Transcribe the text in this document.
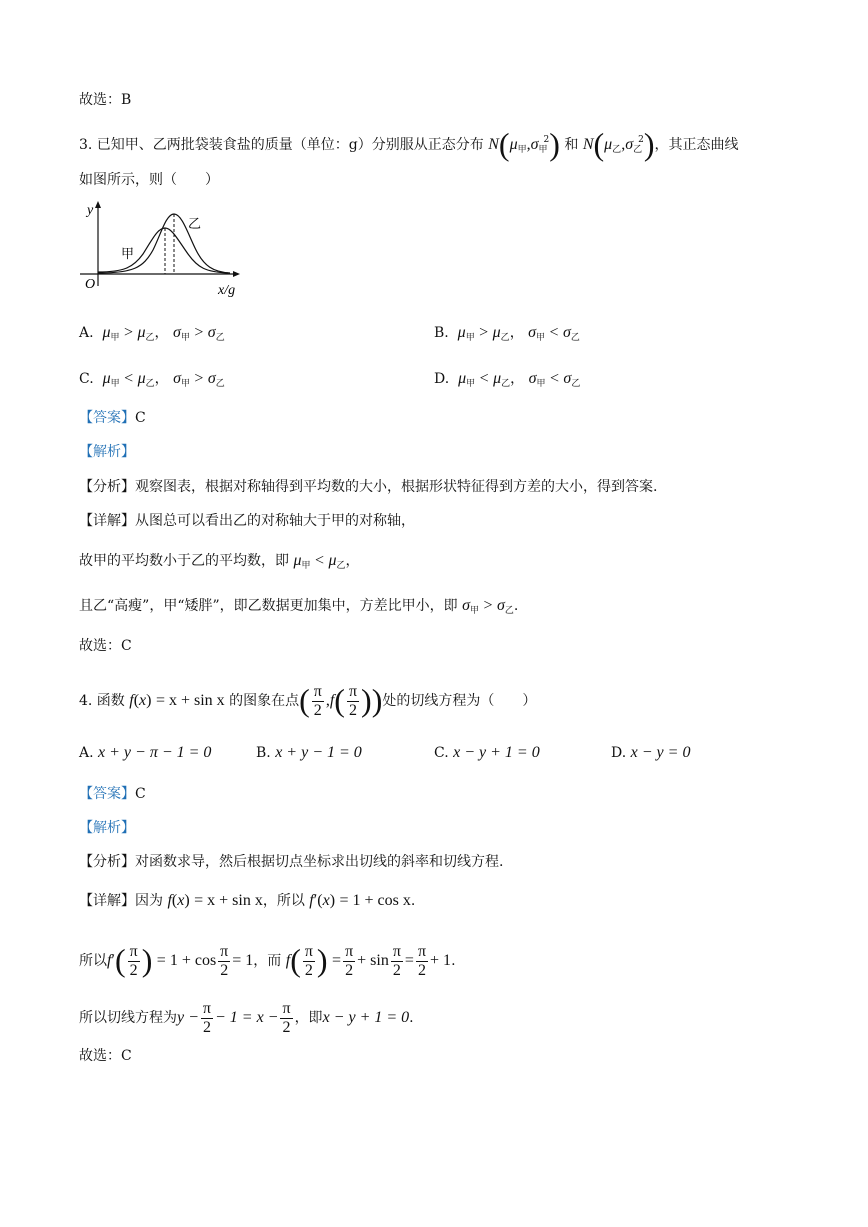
故选：B
3. 已知甲、乙两批袋装食盐的质量（单位：g）分别服从正态分布 $N(\mu_甲,\sigma_甲^2)$ 和 $N(\mu_乙,\sigma_乙^2)$，其正态曲线
如图所示，则（　　）
y
O	x/g
甲
乙
A. $\mu_甲 > \mu_乙$， $\sigma_甲 > \sigma_乙$	B. $\mu_甲 > \mu_乙$， $\sigma_甲 < \sigma_乙$
C. $\mu_甲 < \mu_乙$， $\sigma_甲 > \sigma_乙$	D. $\mu_甲 < \mu_乙$， $\sigma_甲 < \sigma_乙$
【答案】C
【解析】
【分析】观察图表，根据对称轴得到平均数的大小，根据形状特征得到方差的大小，得到答案.
【详解】从图总可以看出乙的对称轴大于甲的对称轴，
故甲的平均数小于乙的平均数，即 $\mu_甲 < \mu_乙$，
且乙“高瘦”，甲“矮胖”，即乙数据更加集中，方差比甲小，即 $\sigma_甲 > \sigma_乙$.
故选：C
4. 函数 f(x) = x + sin x 的图象在点( $\frac{\pi}{2} ,f( \frac{\pi}{2}$ ))处的切线方程为（　　）
A. x + y − π − 1 = 0	B. x + y − 1 = 0	C. x − y + 1 = 0	D. x − y = 0
【答案】C
【解析】
【分析】对函数求导，然后根据切点坐标求出切线的斜率和切线方程.
【详解】因为 f(x) = x + sin x，所以 f′(x) = 1 + cos x.
所以$f'( \frac{\pi}{2}$ ) = $1 + \cos \frac{\pi}{2} = 1$，而 $f( \frac{\pi}{2}$ ) = $\frac{\pi}{2} + \sin \frac{\pi}{2} = \frac{\pi}{2} + 1$.
所以切线方程为$y - \frac{\pi}{2} - 1 = x - \frac{\pi}{2}$ ，即x − y + 1 = 0.
故选：C
